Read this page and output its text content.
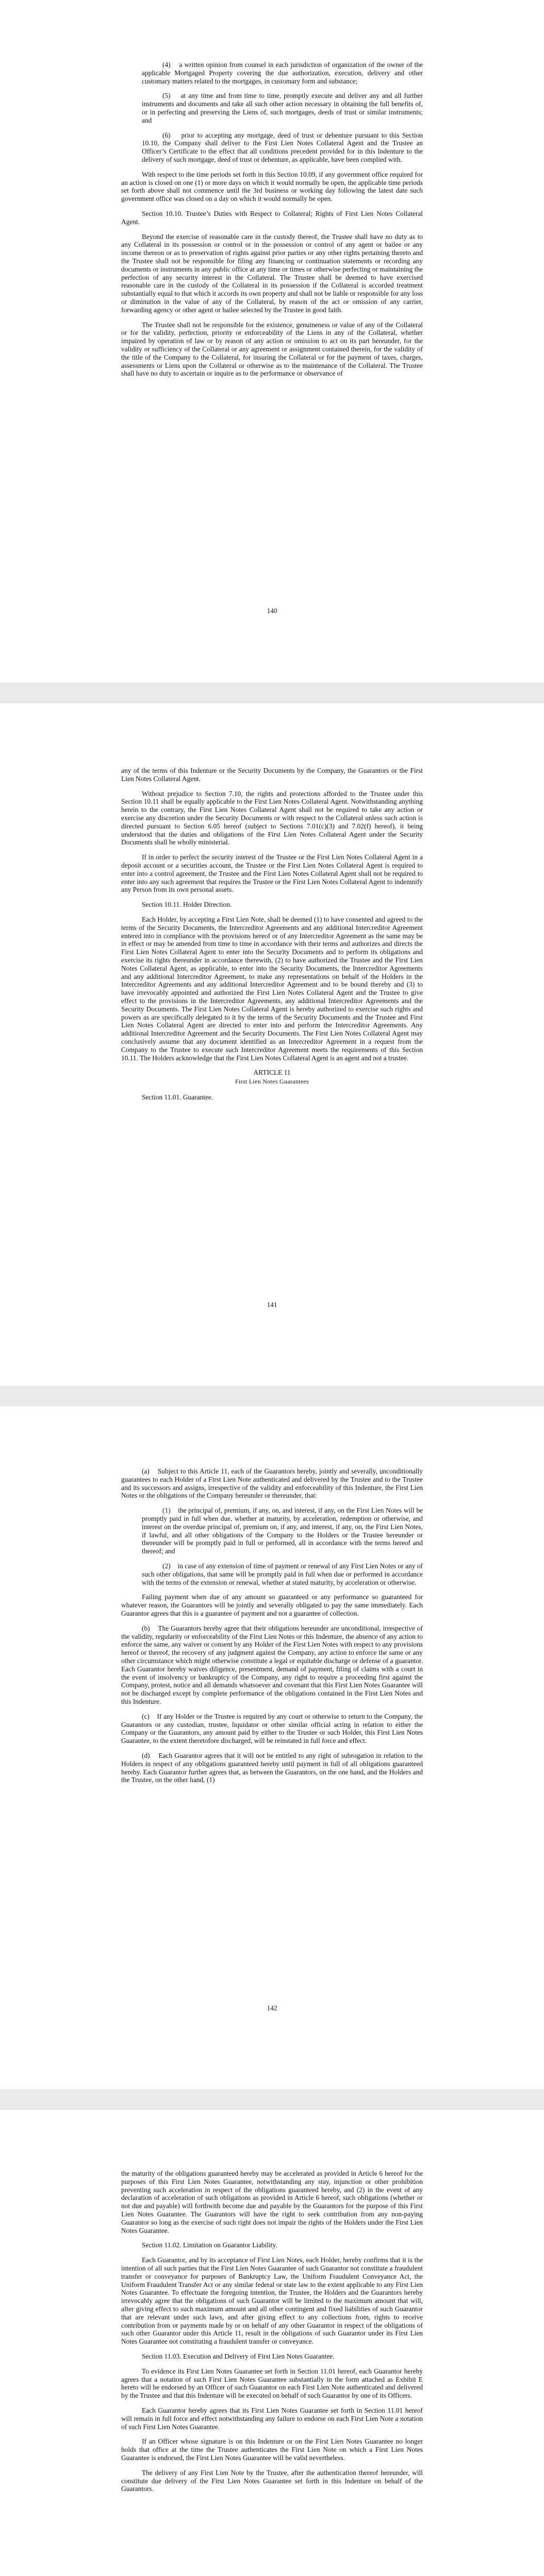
(4)    a written opinion from counsel in each jurisdiction of organization of the owner of the applicable Mortgaged Property covering the due authorization, execution, delivery and other customary matters related to the mortgages, in customary form and substance;

(5)    at any time and from time to time, promptly execute and deliver any and all further instruments and documents and take all such other action necessary in obtaining the full benefits of, or in perfecting and preserving the Liens of, such mortgages, deeds of trust or similar instruments; and

(6)    prior to accepting any mortgage, deed of trust or debenture pursuant to this Section 10.10, the Company shall deliver to the First Lien Notes Collateral Agent and the Trustee an Officer’s Certificate to the effect that all conditions precedent provided for in this Indenture to the delivery of such mortgage, deed of trust or debenture, as applicable, have been complied with.

With respect to the time periods set forth in this Section 10.09, if any government office required for an action is closed on one (1) or more days on which it would normally be open, the applicable time periods set forth above shall not commence until the 3rd business or working day following the latest date such government office was closed on a day on which it would normally be open.

Section 10.10. Trustee’s Duties with Respect to Collateral; Rights of First Lien Notes Collateral Agent.

Beyond the exercise of reasonable care in the custody thereof, the Trustee shall have no duty as to any Collateral in its possession or control or in the possession or control of any agent or bailee or any income thereon or as to preservation of rights against prior parties or any other rights pertaining thereto and the Trustee shall not be responsible for filing any financing or continuation statements or recording any documents or instruments in any public office at any time or times or otherwise perfecting or maintaining the perfection of any security interest in the Collateral. The Trustee shall be deemed to have exercised reasonable care in the custody of the Collateral in its possession if the Collateral is accorded treatment substantially equal to that which it accords its own property and shall not be liable or responsible for any loss or diminution in the value of any of the Collateral, by reason of the act or omission of any carrier, forwarding agency or other agent or bailee selected by the Trustee in good faith.

The Trustee shall not be responsible for the existence, genuineness or value of any of the Collateral or for the validity, perfection, priority or enforceability of the Liens in any of the Collateral, whether impaired by operation of law or by reason of any action or omission to act on its part hereunder, for the validity or sufficiency of the Collateral or any agreement or assignment contained therein, for the validity of the title of the Company to the Collateral, for insuring the Collateral or for the payment of taxes, charges, assessments or Liens upon the Collateral or otherwise as to the maintenance of the Collateral. The Trustee shall have no duty to ascertain or inquire as to the performance or observance of

140

any of the terms of this Indenture or the Security Documents by the Company, the Guarantors or the First Lien Notes Collateral Agent.

Without prejudice to Section 7.10, the rights and protections afforded to the Trustee under this Section 10.11 shall be equally applicable to the First Lien Notes Collateral Agent. Notwithstanding anything herein to the contrary, the First Lien Notes Collateral Agent shall not be required to take any action or exercise any discretion under the Security Documents or with respect to the Collateral unless such action is directed pursuant to Section 6.05 hereof (subject to Sections 7.01(c)(3) and 7.02(f) hereof), it being understood that the duties and obligations of the First Lien Notes Collateral Agent under the Security Documents shall be wholly ministerial.

If in order to perfect the security interest of the Trustee or the First Lien Notes Collateral Agent in a deposit account or a securities account, the Trustee or the First Lien Notes Collateral Agent is required to enter into a control agreement, the Trustee and the First Lien Notes Collateral Agent shall not be required to enter into any such agreement that requires the Trustee or the First Lien Notes Collateral Agent to indemnify any Person from its own personal assets.

Section 10.11. Holder Direction.

Each Holder, by accepting a First Lien Note, shall be deemed (1) to have consented and agreed to the terms of the Security Documents, the Intercreditor Agreements and any additional Intercreditor Agreement entered into in compliance with the provisions hereof or of any Intercreditor Agreement as the same may be in effect or may be amended from time to time in accordance with their terms and authorizes and directs the First Lien Notes Collateral Agent to enter into the Security Documents and to perform its obligations and exercise its rights thereunder in accordance therewith, (2) to have authorized the Trustee and the First Lien Notes Collateral Agent, as applicable, to enter into the Security Documents, the Intercreditor Agreements and any additional Intercreditor Agreement, to make any representations on behalf of the Holders in the Intercreditor Agreements and any additional Intercreditor Agreement and to be bound thereby and (3) to have irrevocably appointed and authorized the First Lien Notes Collateral Agent and the Trustee to give effect to the provisions in the Intercreditor Agreements, any additional Intercreditor Agreements and the Security Documents. The First Lien Notes Collateral Agent is hereby authorized to exercise such rights and powers as are specifically delegated to it by the terms of the Security Documents and the Trustee and First Lien Notes Collateral Agent are directed to enter into and perform the Intercreditor Agreements. Any additional Intercreditor Agreement and the Security Documents. The First Lien Notes Collateral Agent may conclusively assume that any document identified as an Intercreditor Agreement in a request from the Company to the Trustee to execute such Intercreditor Agreement meets the requirements of this Section 10.11. The Holders acknowledge that the First Lien Notes Collateral Agent is an agent and not a trustee.

ARTICLE 11
First Lien Notes Guarantees

Section 11.01. Guarantee.

141

(a)    Subject to this Article 11, each of the Guarantors hereby, jointly and severally, unconditionally guarantees to each Holder of a First Lien Note authenticated and delivered by the Trustee and to the Trustee and its successors and assigns, irrespective of the validity and enforceability of this Indenture, the First Lien Notes or the obligations of the Company hereunder or thereunder, that:

(1)    the principal of, premium, if any, on, and interest, if any, on the First Lien Notes will be promptly paid in full when due, whether at maturity, by acceleration, redemption or otherwise, and interest on the overdue principal of, premium on, if any, and interest, if any, on, the First Lien Notes, if lawful, and all other obligations of the Company to the Holders or the Trustee hereunder or thereunder will be promptly paid in full or performed, all in accordance with the terms hereof and thereof; and

(2)    in case of any extension of time of payment or renewal of any First Lien Notes or any of such other obligations, that same will be promptly paid in full when due or performed in accordance with the terms of the extension or renewal, whether at stated maturity, by acceleration or otherwise.

Failing payment when due of any amount so guaranteed or any performance so guaranteed for whatever reason, the Guarantors will be jointly and severally obligated to pay the same immediately. Each Guarantor agrees that this is a guarantee of payment and not a guarantee of collection.

(b)    The Guarantors hereby agree that their obligations hereunder are unconditional, irrespective of the validity, regularity or enforceability of the First Lien Notes or this Indenture, the absence of any action to enforce the same, any waiver or consent by any Holder of the First Lien Notes with respect to any provisions hereof or thereof, the recovery of any judgment against the Company, any action to enforce the same or any other circumstance which might otherwise constitute a legal or equitable discharge or defense of a guarantor. Each Guarantor hereby waives diligence, presentment, demand of payment, filing of claims with a court in the event of insolvency or bankruptcy of the Company, any right to require a proceeding first against the Company, protest, notice and all demands whatsoever and covenant that this First Lien Notes Guarantee will not be discharged except by complete performance of the obligations contained in the First Lien Notes and this Indenture.

(c)    If any Holder or the Trustee is required by any court or otherwise to return to the Company, the Guarantors or any custodian, trustee, liquidator or other similar official acting in relation to either the Company or the Guarantors, any amount paid by either to the Trustee or such Holder, this First Lien Notes Guarantee, to the extent theretofore discharged, will be reinstated in full force and effect.

(d)    Each Guarantor agrees that it will not be entitled to any right of subrogation in relation to the Holders in respect of any obligations guaranteed hereby until payment in full of all obligations guaranteed hereby. Each Guarantor further agrees that, as between the Guarantors, on the one hand, and the Holders and the Trustee, on the other hand, (1)

142

the maturity of the obligations guaranteed hereby may be accelerated as provided in Article 6 hereof for the purposes of this First Lien Notes Guarantee, notwithstanding any stay, injunction or other prohibition preventing such acceleration in respect of the obligations guaranteed hereby, and (2) in the event of any declaration of acceleration of such obligations as provided in Article 6 hereof, such obligations (whether or not due and payable) will forthwith become due and payable by the Guarantors for the purpose of this First Lien Notes Guarantee. The Guarantors will have the right to seek contribution from any non-paying Guarantor so long as the exercise of such right does not impair the rights of the Holders under the First Lien Notes Guarantee.

Section 11.02. Limitation on Guarantor Liability.

Each Guarantor, and by its acceptance of First Lien Notes, each Holder, hereby confirms that it is the intention of all such parties that the First Lien Notes Guarantee of such Guarantor not constitute a fraudulent transfer or conveyance for purposes of Bankruptcy Law, the Uniform Fraudulent Conveyance Act, the Uniform Fraudulent Transfer Act or any similar federal or state law to the extent applicable to any First Lien Notes Guarantee. To effectuate the foregoing intention, the Trustee, the Holders and the Guarantors hereby irrevocably agree that the obligations of such Guarantor will be limited to the maximum amount that will, after giving effect to such maximum amount and all other contingent and fixed liabilities of such Guarantor that are relevant under such laws, and after giving effect to any collections from, rights to receive contribution from or payments made by or on behalf of any other Guarantor in respect of the obligations of such other Guarantor under this Article 11, result in the obligations of such Guarantor under its First Lien Notes Guarantee not constituting a fraudulent transfer or conveyance.

Section 11.03. Execution and Delivery of First Lien Notes Guarantee.

To evidence its First Lien Notes Guarantee set forth in Section 11.01 hereof, each Guarantor hereby agrees that a notation of such First Lien Notes Guarantee substantially in the form attached as Exhibit E hereto will be endorsed by an Officer of such Guarantor on each First Lien Note authenticated and delivered by the Trustee and that this Indenture will be executed on behalf of such Guarantor by one of its Officers.

Each Guarantor hereby agrees that its First Lien Notes Guarantee set forth in Section 11.01 hereof will remain in full force and effect notwithstanding any failure to endorse on each First Lien Note a notation of such First Lien Notes Guarantee.

If an Officer whose signature is on this Indenture or on the First Lien Notes Guarantee no longer holds that office at the time the Trustee authenticates the First Lien Note on which a First Lien Notes Guarantee is endorsed, the First Lien Notes Guarantee will be valid nevertheless.

The delivery of any First Lien Note by the Trustee, after the authentication thereof hereunder, will constitute due delivery of the First Lien Notes Guarantee set forth in this Indenture on behalf of the Guarantors.
